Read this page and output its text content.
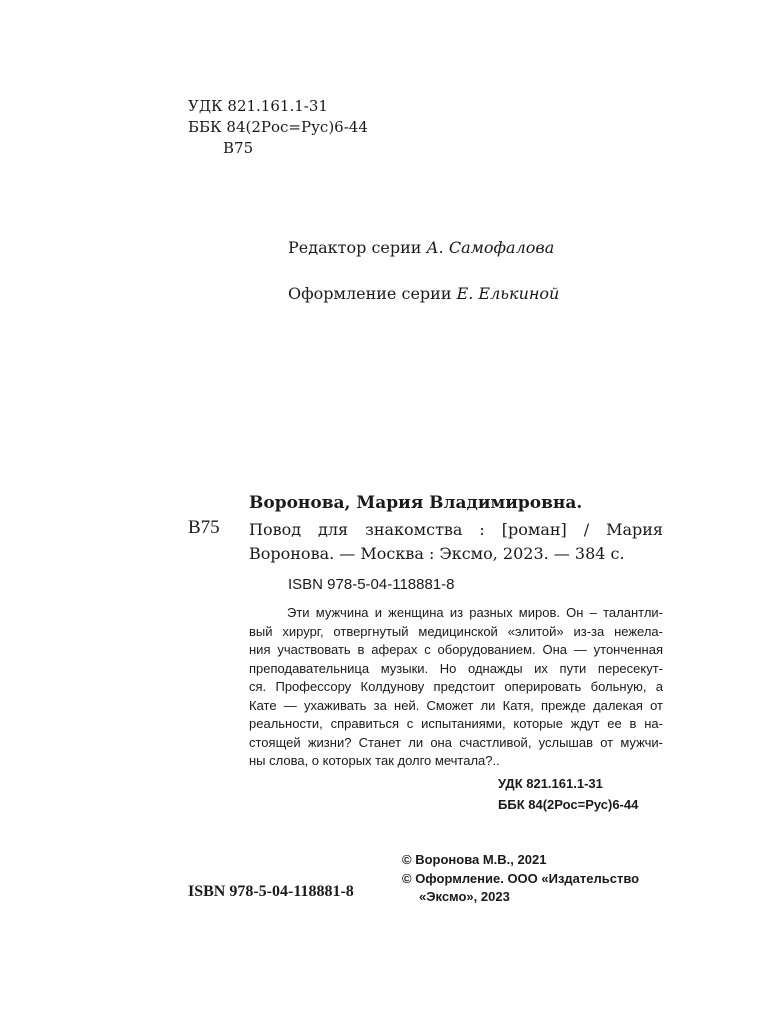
УДК 821.161.1-31
ББК 84(2Рос=Рус)6-44
В75
Редактор серии А. Самофалова
Оформление серии Е. Елькиной
Воронова, Мария Владимировна.
В75 Повод для знакомства : [роман] / Мария
Воронова. — Москва : Эксмо, 2023. — 384 с.
ISBN 978-5-04-118881-8
Эти мужчина и женщина из разных миров. Он – талантли-
вый хирург, отвергнутый медицинской «элитой» из-за нежела-
ния участвовать в аферах с оборудованием. Она — утонченная
преподавательница музыки. Но однажды их пути пересекут-
ся. Профессору Колдунову предстоит оперировать больную, а
Кате — ухаживать за ней. Сможет ли Катя, прежде далекая от
реальности, справиться с испытаниями, которые ждут ее в на-
стоящей жизни? Станет ли она счастливой, услышав от мужчи-
ны слова, о которых так долго мечтала?..
УДК 821.161.1-31
ББК 84(2Рос=Рус)6-44
© Воронова М.В., 2021
© Оформление. ООО «Издательство
«Эксмо», 2023
ISBN 978-5-04-118881-8
